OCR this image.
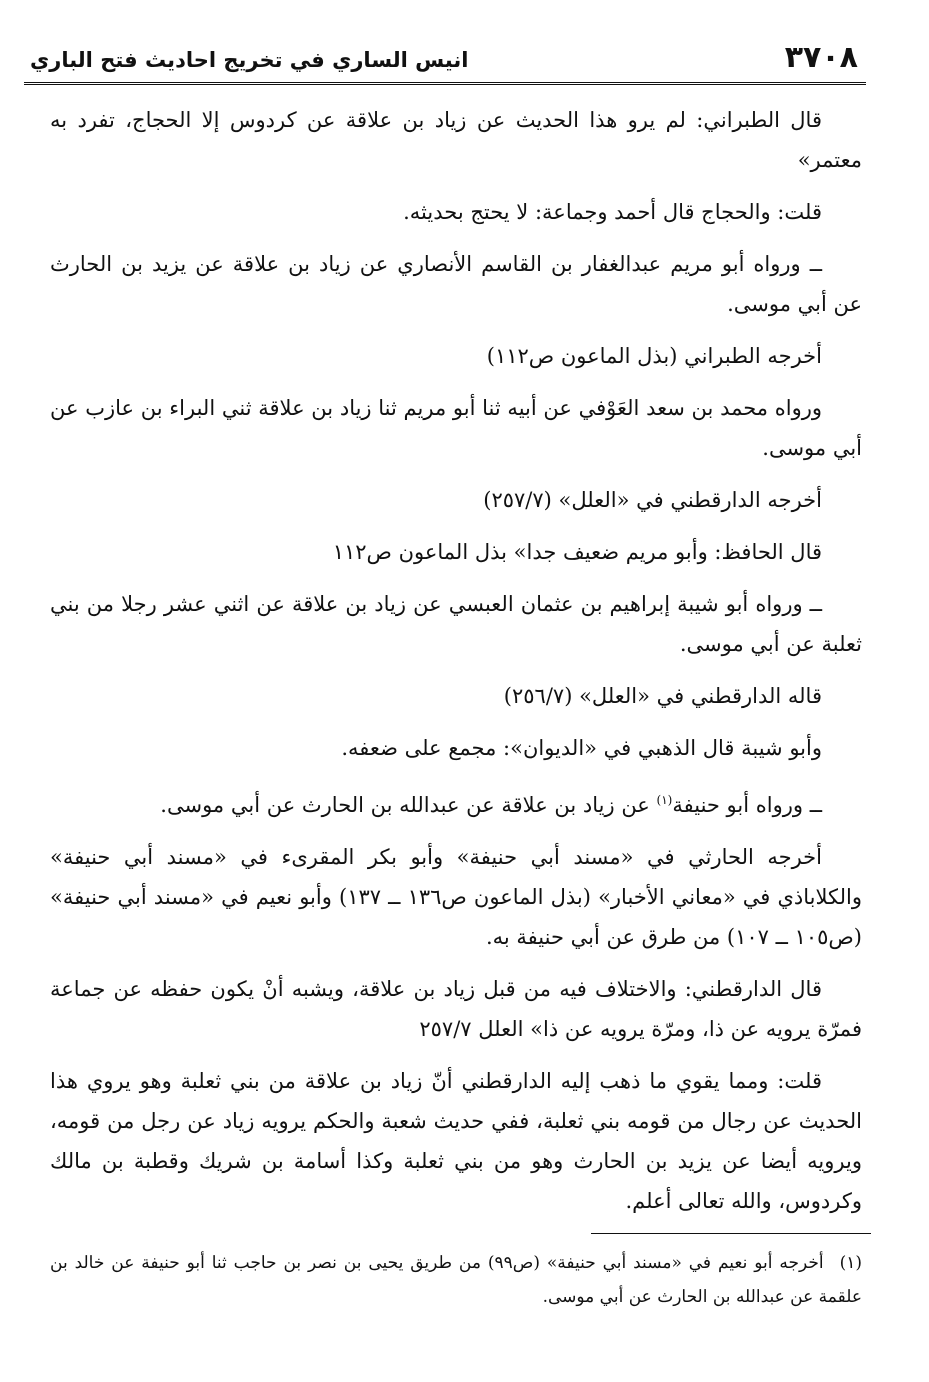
٣٧٠٨
انيس الساري في تخريج احاديث فتح الباري

قال الطبراني: لم يرو هذا الحديث عن زياد بن علاقة عن كردوس إلا الحجاج، تفرد به معتمر»

قلت: والحجاج قال أحمد وجماعة: لا يحتج بحديثه.

ــ ورواه أبو مريم عبدالغفار بن القاسم الأنصاري عن زياد بن علاقة عن يزيد بن الحارث عن أبي موسى.

أخرجه الطبراني (بذل الماعون ص١١٢)

ورواه محمد بن سعد العَوْفي عن أبيه ثنا أبو مريم ثنا زياد بن علاقة ثني البراء بن عازب عن أبي موسى.

أخرجه الدارقطني في «العلل» (٢٥٧/٧)

قال الحافظ: وأبو مريم ضعيف جدا» بذل الماعون ص١١٢

ــ ورواه أبو شيبة إبراهيم بن عثمان العبسي عن زياد بن علاقة عن اثني عشر رجلا من بني ثعلبة عن أبي موسى.

قاله الدارقطني في «العلل» (٢٥٦/٧)

وأبو شيبة قال الذهبي في «الديوان»: مجمع على ضعفه.

ــ ورواه أبو حنيفة$^{(١)}$ عن زياد بن علاقة عن عبدالله بن الحارث عن أبي موسى.

أخرجه الحارثي في «مسند أبي حنيفة» وأبو بكر المقرىء في «مسند أبي حنيفة» والكلاباذي في «معاني الأخبار» (بذل الماعون ص١٣٦ ــ ١٣٧) وأبو نعيم في «مسند أبي حنيفة» (ص١٠٥ ــ ١٠٧) من طرق عن أبي حنيفة به.

قال الدارقطني: والاختلاف فيه من قبل زياد بن علاقة، ويشبه أنْ يكون حفظه عن جماعة فمرّة يرويه عن ذا، ومرّة يرويه عن ذا» العلل ٢٥٧/٧

قلت: ومما يقوي ما ذهب إليه الدارقطني أنّ زياد بن علاقة من بني ثعلبة وهو يروي هذا الحديث عن رجال من قومه بني ثعلبة، ففي حديث شعبة والحكم يرويه زياد عن رجل من قومه، ويرويه أيضا عن يزيد بن الحارث وهو من بني ثعلبة وكذا أسامة بن شريك وقطبة بن مالك وكردوس، والله تعالى أعلم.

(١)أخرجه أبو نعيم في «مسند أبي حنيفة» (ص٩٩) من طريق يحيى بن نصر بن حاجب ثنا أبو حنيفة عن خالد بن علقمة عن عبدالله بن الحارث عن أبي موسى.
